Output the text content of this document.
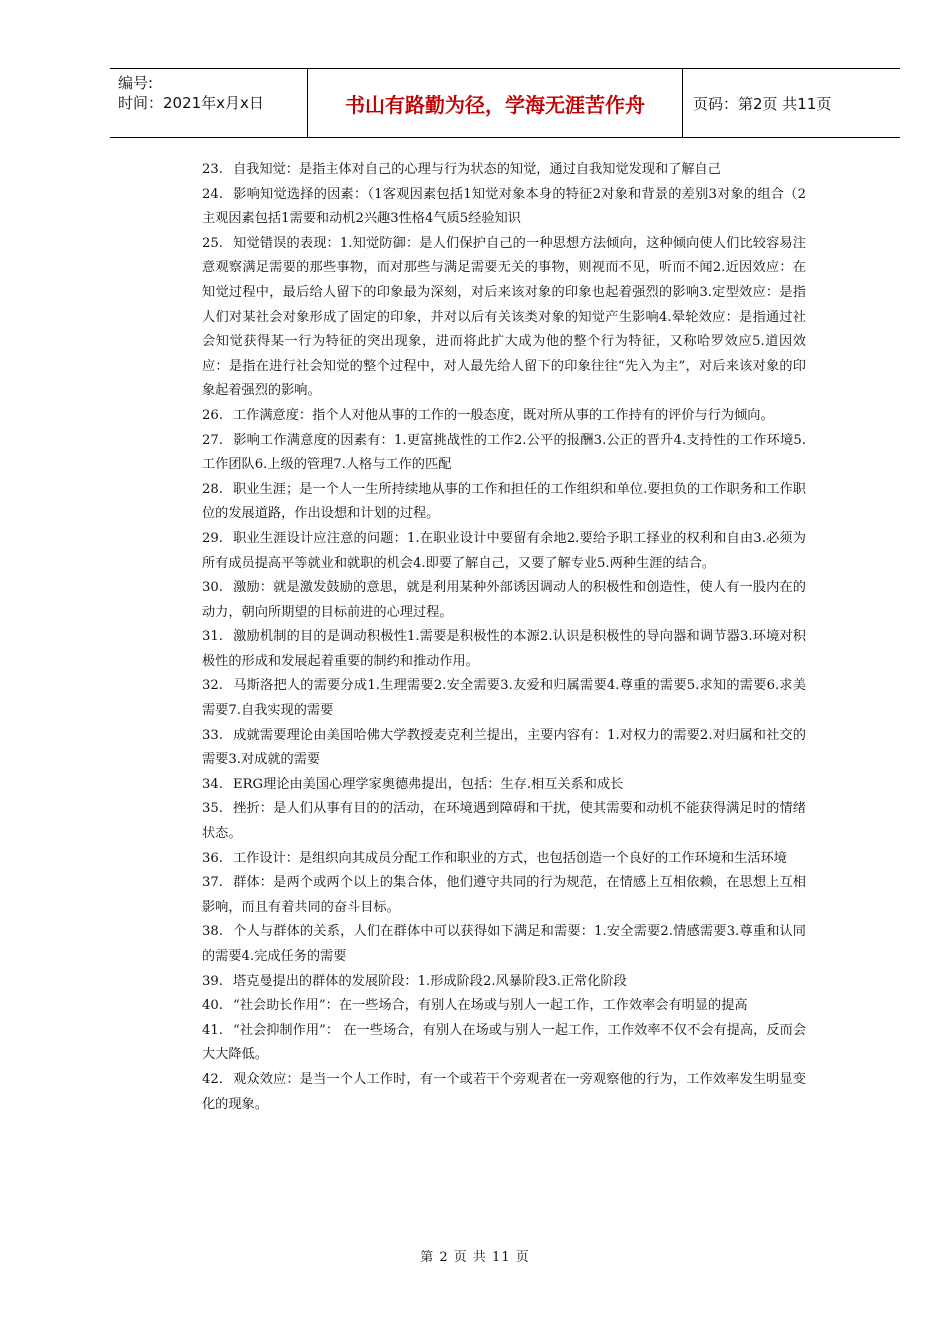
编号:
时间：2021年x月x日	书山有路勤为径，学海无涯苦作舟	页码：第2页 共11页

23. 自我知觉：是指主体对自己的心理与行为状态的知觉，通过自我知觉发现和了解自己

24. 影响知觉选择的因素：（1客观因素包括1知觉对象本身的特征2对象和背景的差别3对象的组合（2主观因素包括1需要和动机2兴趣3性格4气质5经验知识

25. 知觉错误的表现：1.知觉防御：是人们保护自己的一种思想方法倾向，这种倾向使人们比较容易注意观察满足需要的那些事物，而对那些与满足需要无关的事物，则视而不见，听而不闻2.近因效应：在知觉过程中，最后给人留下的印象最为深刻，对后来该对象的印象也起着强烈的影响3.定型效应：是指人们对某社会对象形成了固定的印象，并对以后有关该类对象的知觉产生影响4.晕轮效应：是指通过社会知觉获得某一行为特征的突出现象，进而将此扩大成为他的整个行为特征，又称哈罗效应5.道因效应：是指在进行社会知觉的整个过程中，对人最先给人留下的印象往往“先入为主”，对后来该对象的印象起着强烈的影响。

26. 工作满意度：指个人对他从事的工作的一般态度，既对所从事的工作持有的评价与行为倾向。

27. 影响工作满意度的因素有：1.更富挑战性的工作2.公平的报酬3.公正的晋升4.支持性的工作环境5.工作团队6.上级的管理7.人格与工作的匹配

28. 职业生涯；是一个人一生所持续地从事的工作和担任的工作组织和单位.要担负的工作职务和工作职位的发展道路，作出设想和计划的过程。

29. 职业生涯设计应注意的问题：1.在职业设计中要留有余地2.要给予职工择业的权利和自由3.必须为所有成员提高平等就业和就职的机会4.即要了解自己，又要了解专业5.两种生涯的结合。

30. 激励：就是激发鼓励的意思，就是利用某种外部诱因调动人的积极性和创造性，使人有一股内在的动力，朝向所期望的目标前进的心理过程。

31. 激励机制的目的是调动积极性1.需要是积极性的本源2.认识是积极性的导向器和调节器3.环境对积极性的形成和发展起着重要的制约和推动作用。

32. 马斯洛把人的需要分成1.生理需要2.安全需要3.友爱和归属需要4.尊重的需要5.求知的需要6.求美需要7.自我实现的需要

33. 成就需要理论由美国哈佛大学教授麦克利兰提出，主要内容有：1.对权力的需要2.对归属和社交的需要3.对成就的需要

34. ERG理论由美国心理学家奥德弗提出，包括：生存.相互关系和成长

35. 挫折：是人们从事有目的的活动，在环境遇到障碍和干扰，使其需要和动机不能获得满足时的情绪状态。

36. 工作设计：是组织向其成员分配工作和职业的方式，也包括创造一个良好的工作环境和生活环境

37. 群体：是两个或两个以上的集合体，他们遵守共同的行为规范，在情感上互相依赖，在思想上互相影响，而且有着共同的奋斗目标。

38. 个人与群体的关系，人们在群体中可以获得如下满足和需要：1.安全需要2.情感需要3.尊重和认同的需要4.完成任务的需要

39. 塔克曼提出的群体的发展阶段：1.形成阶段2.风暴阶段3.正常化阶段

40. “社会助长作用”：在一些场合，有别人在场或与别人一起工作，工作效率会有明显的提高

41. “社会抑制作用”： 在一些场合，有别人在场或与别人一起工作，工作效率不仅不会有提高，反而会大大降低。

42. 观众效应：是当一个人工作时，有一个或若干个旁观者在一旁观察他的行为，工作效率发生明显变化的现象。

第 2 页 共 11 页
